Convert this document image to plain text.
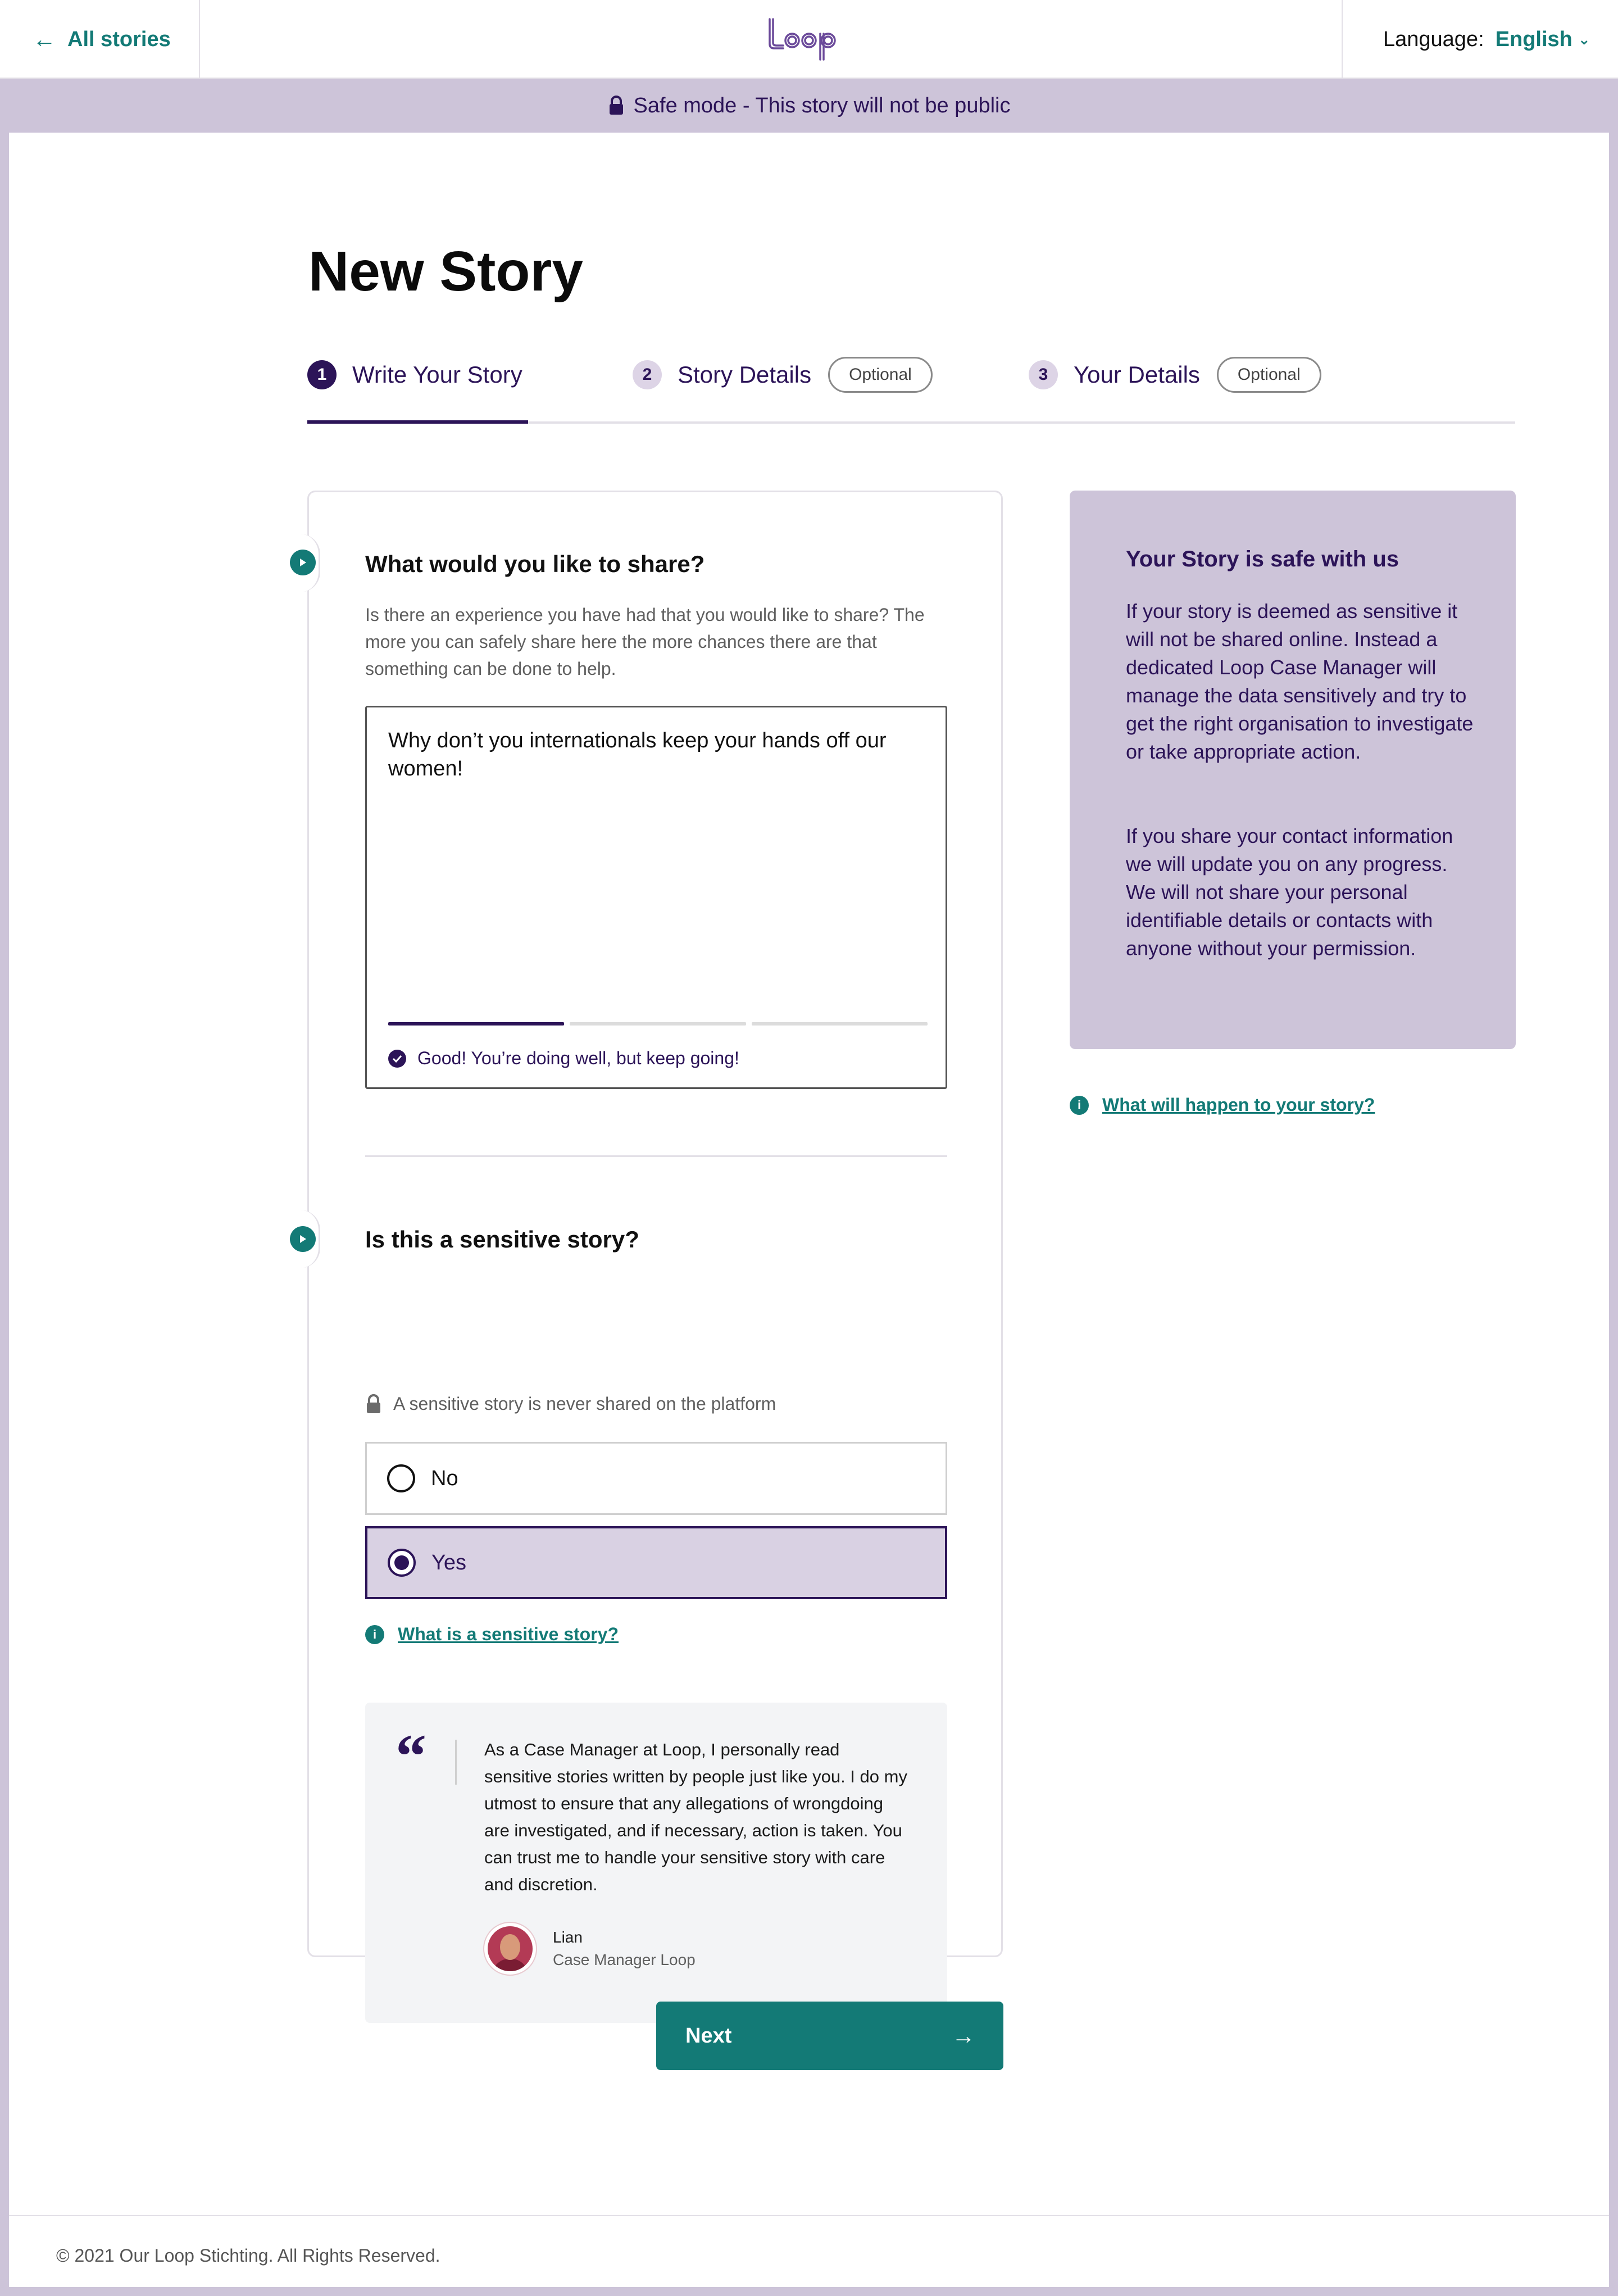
← All stories	Language: English ⌄
Safe mode - This story will not be public
New Story
1	Write Your Story	2	Story Details	Optional	3	Your Details	Optional
What would you like to share?
Is there an experience you have had that you would like to share? The more you can safely share here the more chances there are that something can be done to help.
Why don’t you internationals keep your hands off our women!
Good! You’re doing well, but keep going!
Is this a sensitive story?
A sensitive story is never shared on the platform
No
Yes
i	What is a sensitive story?
“	As a Case Manager at Loop, I personally read sensitive stories written by people just like you. I do my utmost to ensure that any allegations of wrongdoing are investigated, and if necessary, action is taken. You can trust me to handle your sensitive story with care and discretion.
Lian
Case Manager Loop
Your Story is safe with us
If your story is deemed as sensitive it will not be shared online. Instead a dedicated Loop Case Manager will manage the data sensitively and try to get the right organisation to investigate or take appropriate action.
If you share your contact information we will update you on any progress. We will not share your personal identifiable details or contacts with anyone without your permission.
i	What will happen to your story?
Next	→
© 2021 Our Loop Stichting. All Rights Reserved.
